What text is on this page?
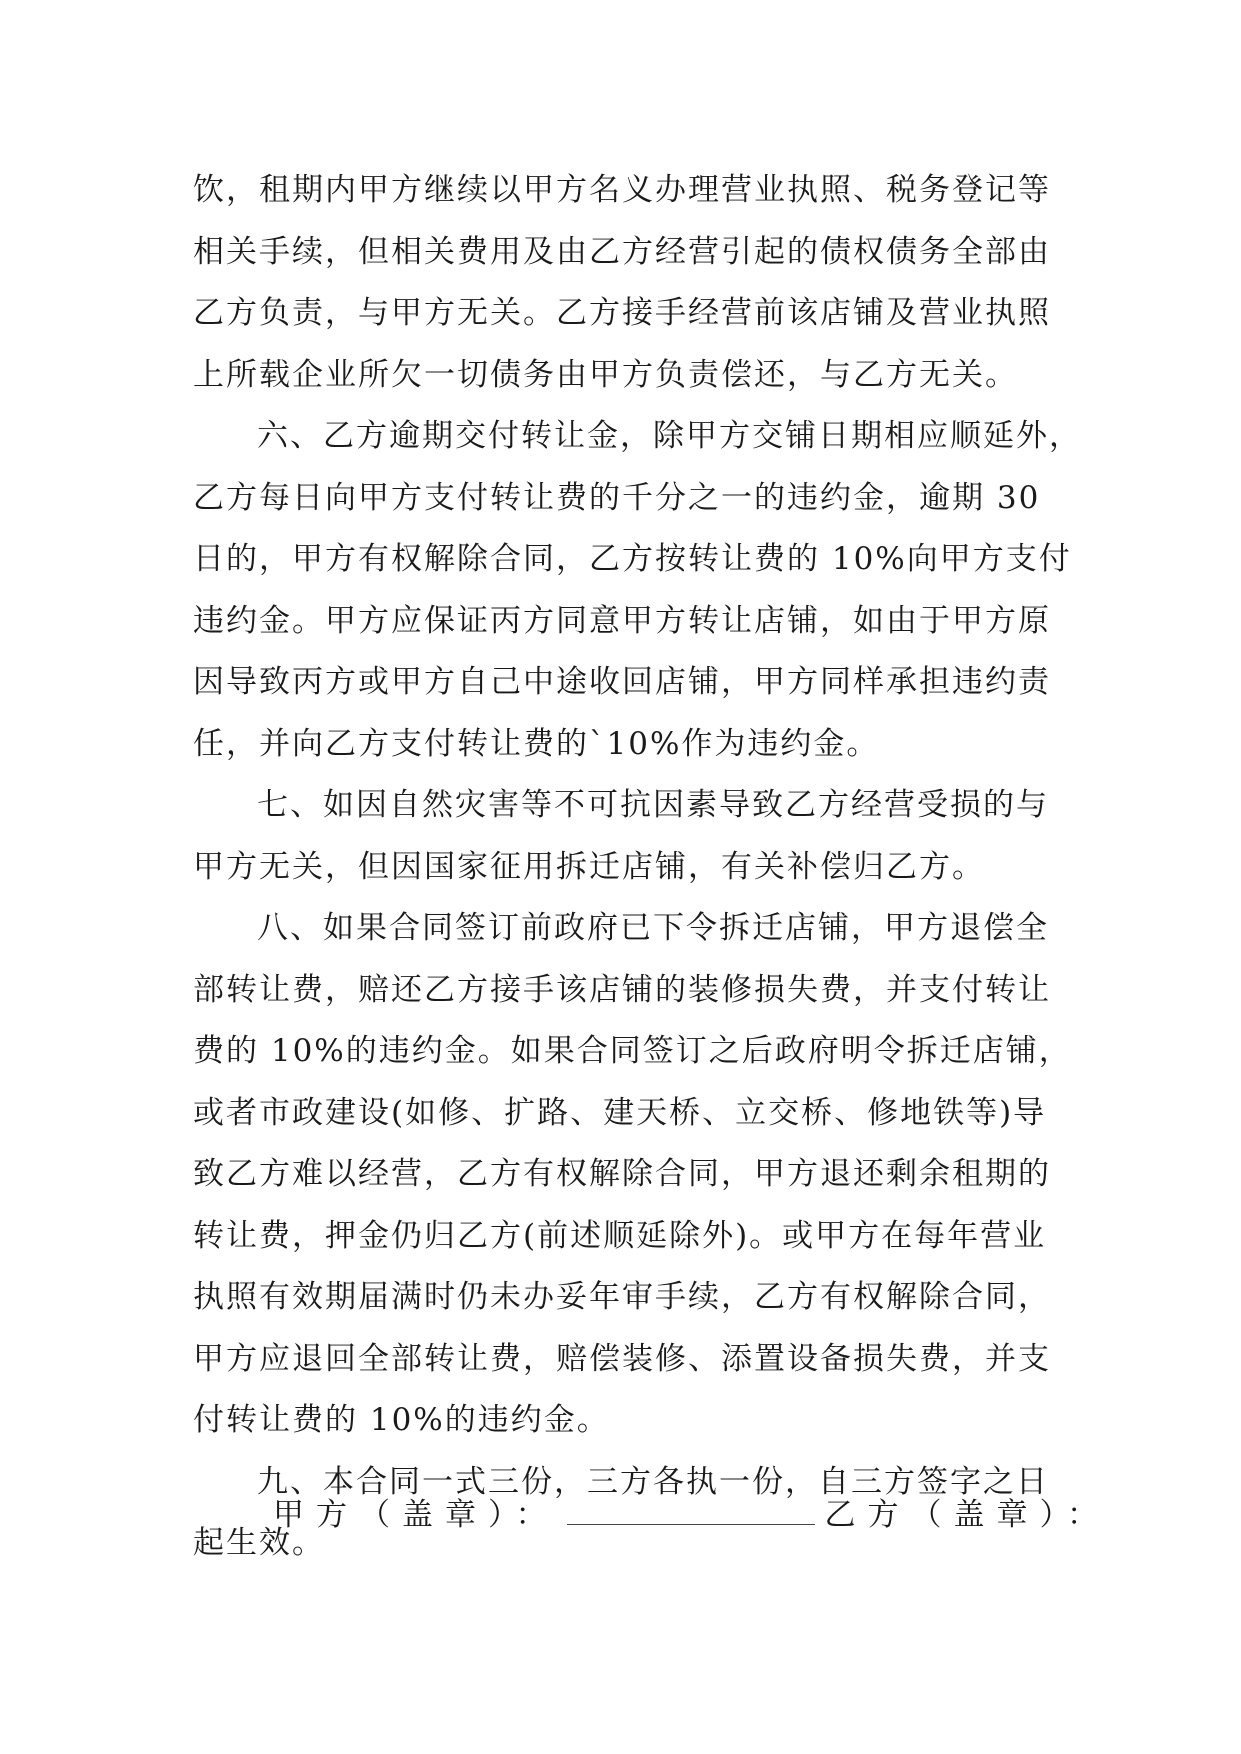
饮，租期内甲方继续以甲方名义办理营业执照、税务登记等
相关手续，但相关费用及由乙方经营引起的债权债务全部由
乙方负责，与甲方无关。乙方接手经营前该店铺及营业执照
上所载企业所欠一切债务由甲方负责偿还，与乙方无关。
六、乙方逾期交付转让金，除甲方交铺日期相应顺延外，
乙方每日向甲方支付转让费的千分之一的违约金，逾期 30
日的，甲方有权解除合同，乙方按转让费的 10%向甲方支付
违约金。甲方应保证丙方同意甲方转让店铺，如由于甲方原
因导致丙方或甲方自己中途收回店铺，甲方同样承担违约责
任，并向乙方支付转让费的`10%作为违约金。
七、如因自然灾害等不可抗因素导致乙方经营受损的与
甲方无关，但因国家征用拆迁店铺，有关补偿归乙方。
八、如果合同签订前政府已下令拆迁店铺，甲方退偿全
部转让费，赔还乙方接手该店铺的装修损失费，并支付转让
费的 10%的违约金。如果合同签订之后政府明令拆迁店铺，
或者市政建设(如修、扩路、建天桥、立交桥、修地铁等)导
致乙方难以经营，乙方有权解除合同，甲方退还剩余租期的
转让费，押金仍归乙方(前述顺延除外)。或甲方在每年营业
执照有效期届满时仍未办妥年审手续，乙方有权解除合同，
甲方应退回全部转让费，赔偿装修、添置设备损失费，并支
付转让费的 10%的违约金。
九、本合同一式三份，三方各执一份，自三方签字之日
起生效。
甲方（盖章）：	乙方（盖章）：
